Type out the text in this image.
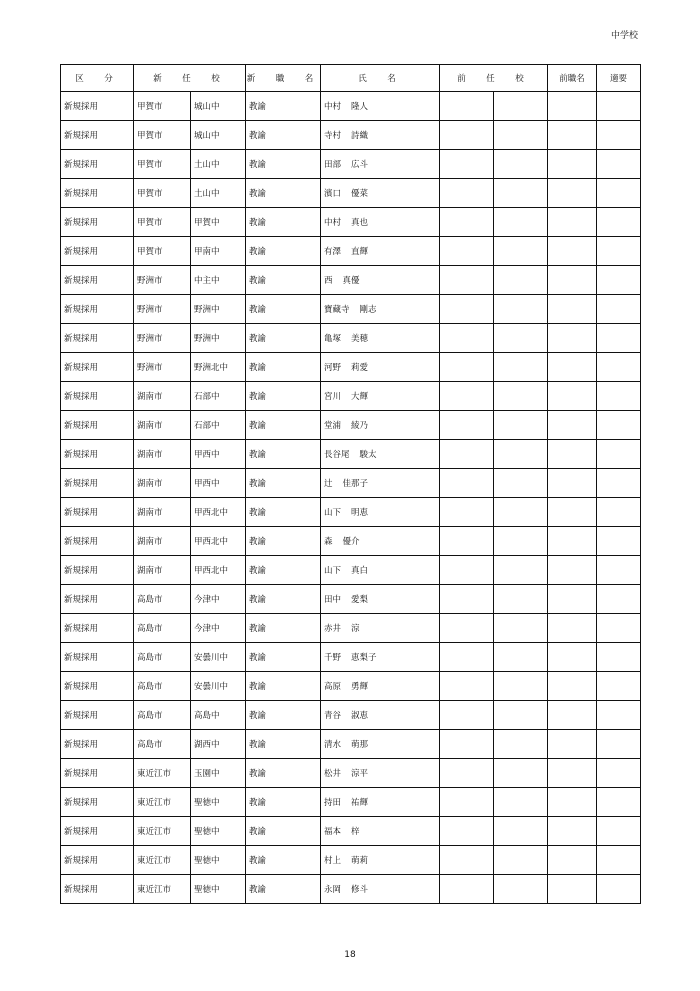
中学校
区　分	新　任　校		新　職　名	氏　名	前　任　校		前職名	適要
新規採用	甲賀市	城山中	教諭	中村 隆人				
新規採用	甲賀市	城山中	教諭	寺村 詩織				
新規採用	甲賀市	土山中	教諭	田部 広斗				
新規採用	甲賀市	土山中	教諭	濱口 優菜				
新規採用	甲賀市	甲賀中	教諭	中村 真也				
新規採用	甲賀市	甲南中	教諭	有澤 直輝				
新規採用	野洲市	中主中	教諭	西 真優				
新規採用	野洲市	野洲中	教諭	寶藏寺 剛志				
新規採用	野洲市	野洲中	教諭	亀塚 美穂				
新規採用	野洲市	野洲北中	教諭	河野 莉愛				
新規採用	湖南市	石部中	教諭	宮川 大輝				
新規採用	湖南市	石部中	教諭	堂浦 綾乃				
新規採用	湖南市	甲西中	教諭	長谷尾 駿太				
新規採用	湖南市	甲西中	教諭	辻 佳那子				
新規採用	湖南市	甲西北中	教諭	山下 明恵				
新規採用	湖南市	甲西北中	教諭	森 優介				
新規採用	湖南市	甲西北中	教諭	山下 真白				
新規採用	高島市	今津中	教諭	田中 愛梨				
新規採用	高島市	今津中	教諭	赤井 涼				
新規採用	高島市	安曇川中	教諭	千野 恵梨子				
新規採用	高島市	安曇川中	教諭	高原 勇輝				
新規採用	高島市	高島中	教諭	青谷 淑恵				
新規採用	高島市	湖西中	教諭	清水 萌那				
新規採用	東近江市	玉園中	教諭	松井 涼平				
新規採用	東近江市	聖徳中	教諭	持田 祐輝				
新規採用	東近江市	聖徳中	教諭	福本 梓				
新規採用	東近江市	聖徳中	教諭	村上 萌莉				
新規採用	東近江市	聖徳中	教諭	永岡 修斗				
18
